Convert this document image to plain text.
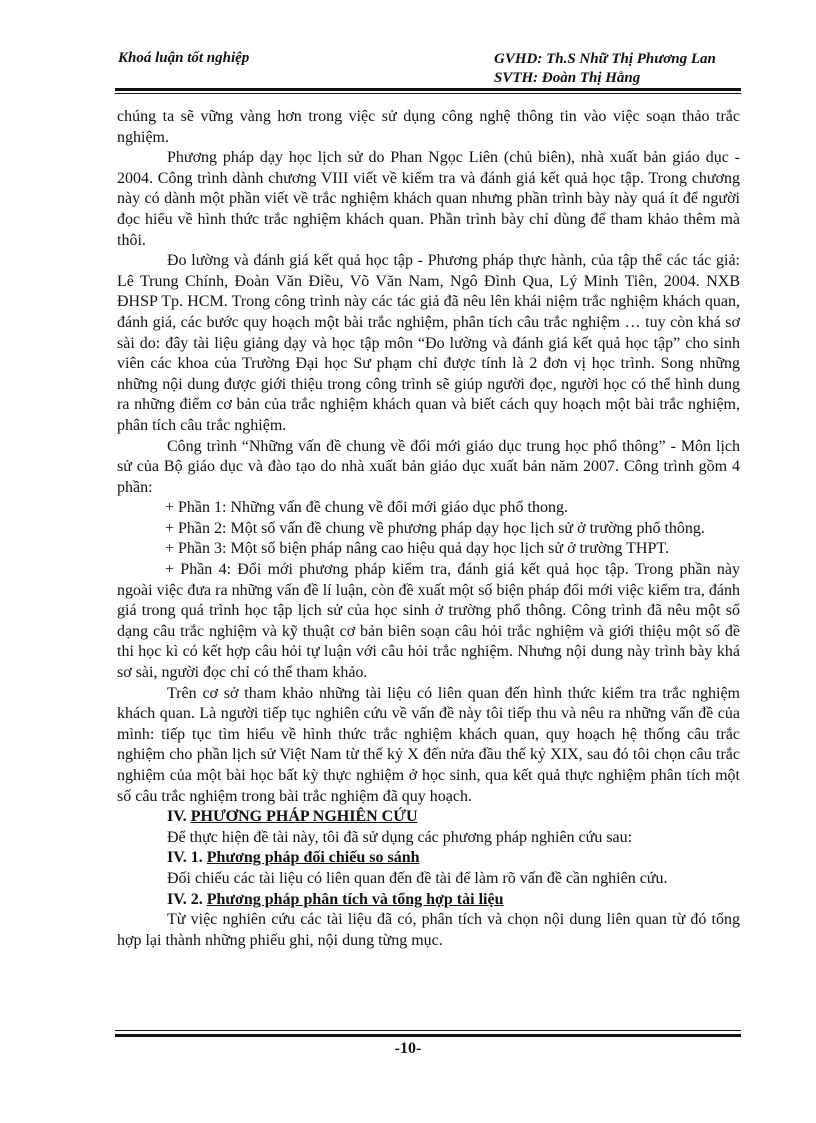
Khoá luận tốt nghiệp	GVHD: Th.S Nhữ Thị Phương Lan
SVTH: Đoàn Thị Hằng

chúng ta sẽ vững vàng hơn trong việc sử dụng công nghệ thông tin vào việc soạn thảo trắc nghiệm.

Phương pháp dạy học lịch sử do Phan Ngọc Liên (chủ biên), nhà xuất bản giáo dục - 2004. Công trình dành chương VIII viết về kiểm tra và đánh giá kết quả học tập. Trong chương này có dành một phần viết về trắc nghiệm khách quan nhưng phần trình bày này quá ít để người đọc hiểu về hình thức trắc nghiệm khách quan. Phần trình bày chỉ dùng để tham khảo thêm mà thôi.

Đo lường và đánh giá kết quả học tập - Phương pháp thực hành, của tập thể các tác giả: Lê Trung Chính, Đoàn Văn Điều, Võ Văn Nam, Ngô Đình Qua, Lý Minh Tiên, 2004. NXB ĐHSP Tp. HCM. Trong công trình này các tác giả đã nêu lên khái niệm trắc nghiệm khách quan, đánh giá, các bước quy hoạch một bài trắc nghiệm, phân tích câu trắc nghiệm … tuy còn khá sơ sài do: đây tài liệu giảng dạy và học tập môn “Đo lường và đánh giá kết quả học tập” cho sinh viên các khoa của Trường Đại học Sư phạm chỉ được tính là 2 đơn vị học trình. Song những những nội dung được giới thiệu trong công trình sẽ giúp người đọc, người học có thể hình dung ra những điểm cơ bản của trắc nghiệm khách quan và biết cách quy hoạch một bài trắc nghiệm, phân tích câu trắc nghiệm.

Công trình “Những vấn đề chung về đổi mới giáo dục trung học phổ thông” - Môn lịch sử của Bộ giáo dục và đào tạo do nhà xuất bản giáo dục xuất bản năm 2007. Công trình gồm 4 phần:

+ Phần 1: Những vấn đề chung về đổi mới giáo dục phổ thong.

+ Phần 2: Một số vấn đề chung về phương pháp dạy học lịch sử ở trường phổ thông.

+ Phần 3: Một số biện pháp nâng cao hiệu quả dạy học lịch sử ở trường THPT.

+ Phần 4: Đổi mới phương pháp kiểm tra, đánh giá kết quả học tập. Trong phần này ngoài việc đưa ra những vấn đề lí luận, còn đề xuất một số biện pháp đổi mới việc kiểm tra, đánh giá trong quá trình học tập lịch sử của học sinh ở trường phổ thông. Công trình đã nêu một số dạng câu trắc nghiệm và kỹ thuật cơ bản biên soạn câu hỏi trắc nghiệm và giới thiệu một số đề thi học kì có kết hợp câu hỏi tự luận với câu hỏi trắc nghiệm. Nhưng nội dung này trình bày khá sơ sài, người đọc chỉ có thể tham khảo.

Trên cơ sở tham khảo những tài liệu có liên quan đến hình thức kiểm tra trắc nghiệm khách quan. Là người tiếp tục nghiên cứu về vấn đề này tôi tiếp thu và nêu ra những vấn đề của mình: tiếp tục tìm hiểu về hình thức trắc nghiệm khách quan, quy hoạch hệ thống câu trắc nghiệm cho phần lịch sử Việt Nam từ thế kỷ X đến nửa đầu thế kỷ XIX, sau đó tôi chọn câu trắc nghiệm của một bài học bất kỳ thực nghiệm ở học sinh, qua kết quả thực nghiệm phân tích một số câu trắc nghiệm trong bài trắc nghiệm đã quy hoạch.

IV. PHƯƠNG PHÁP NGHIÊN CỨU

Để thực hiện đề tài này, tôi đã sử dụng các phương pháp nghiên cứu sau:

IV. 1. Phương pháp đối chiếu so sánh

Đối chiếu các tài liệu có liên quan đến đề tài để làm rõ vấn đề cần nghiên cứu.

IV. 2. Phương pháp phân tích và tổng hợp tài liệu

Từ việc nghiên cứu các tài liệu đã có, phân tích và chọn nội dung liên quan từ đó tổng hợp lại thành những phiếu ghi, nội dung từng mục.

-10-
